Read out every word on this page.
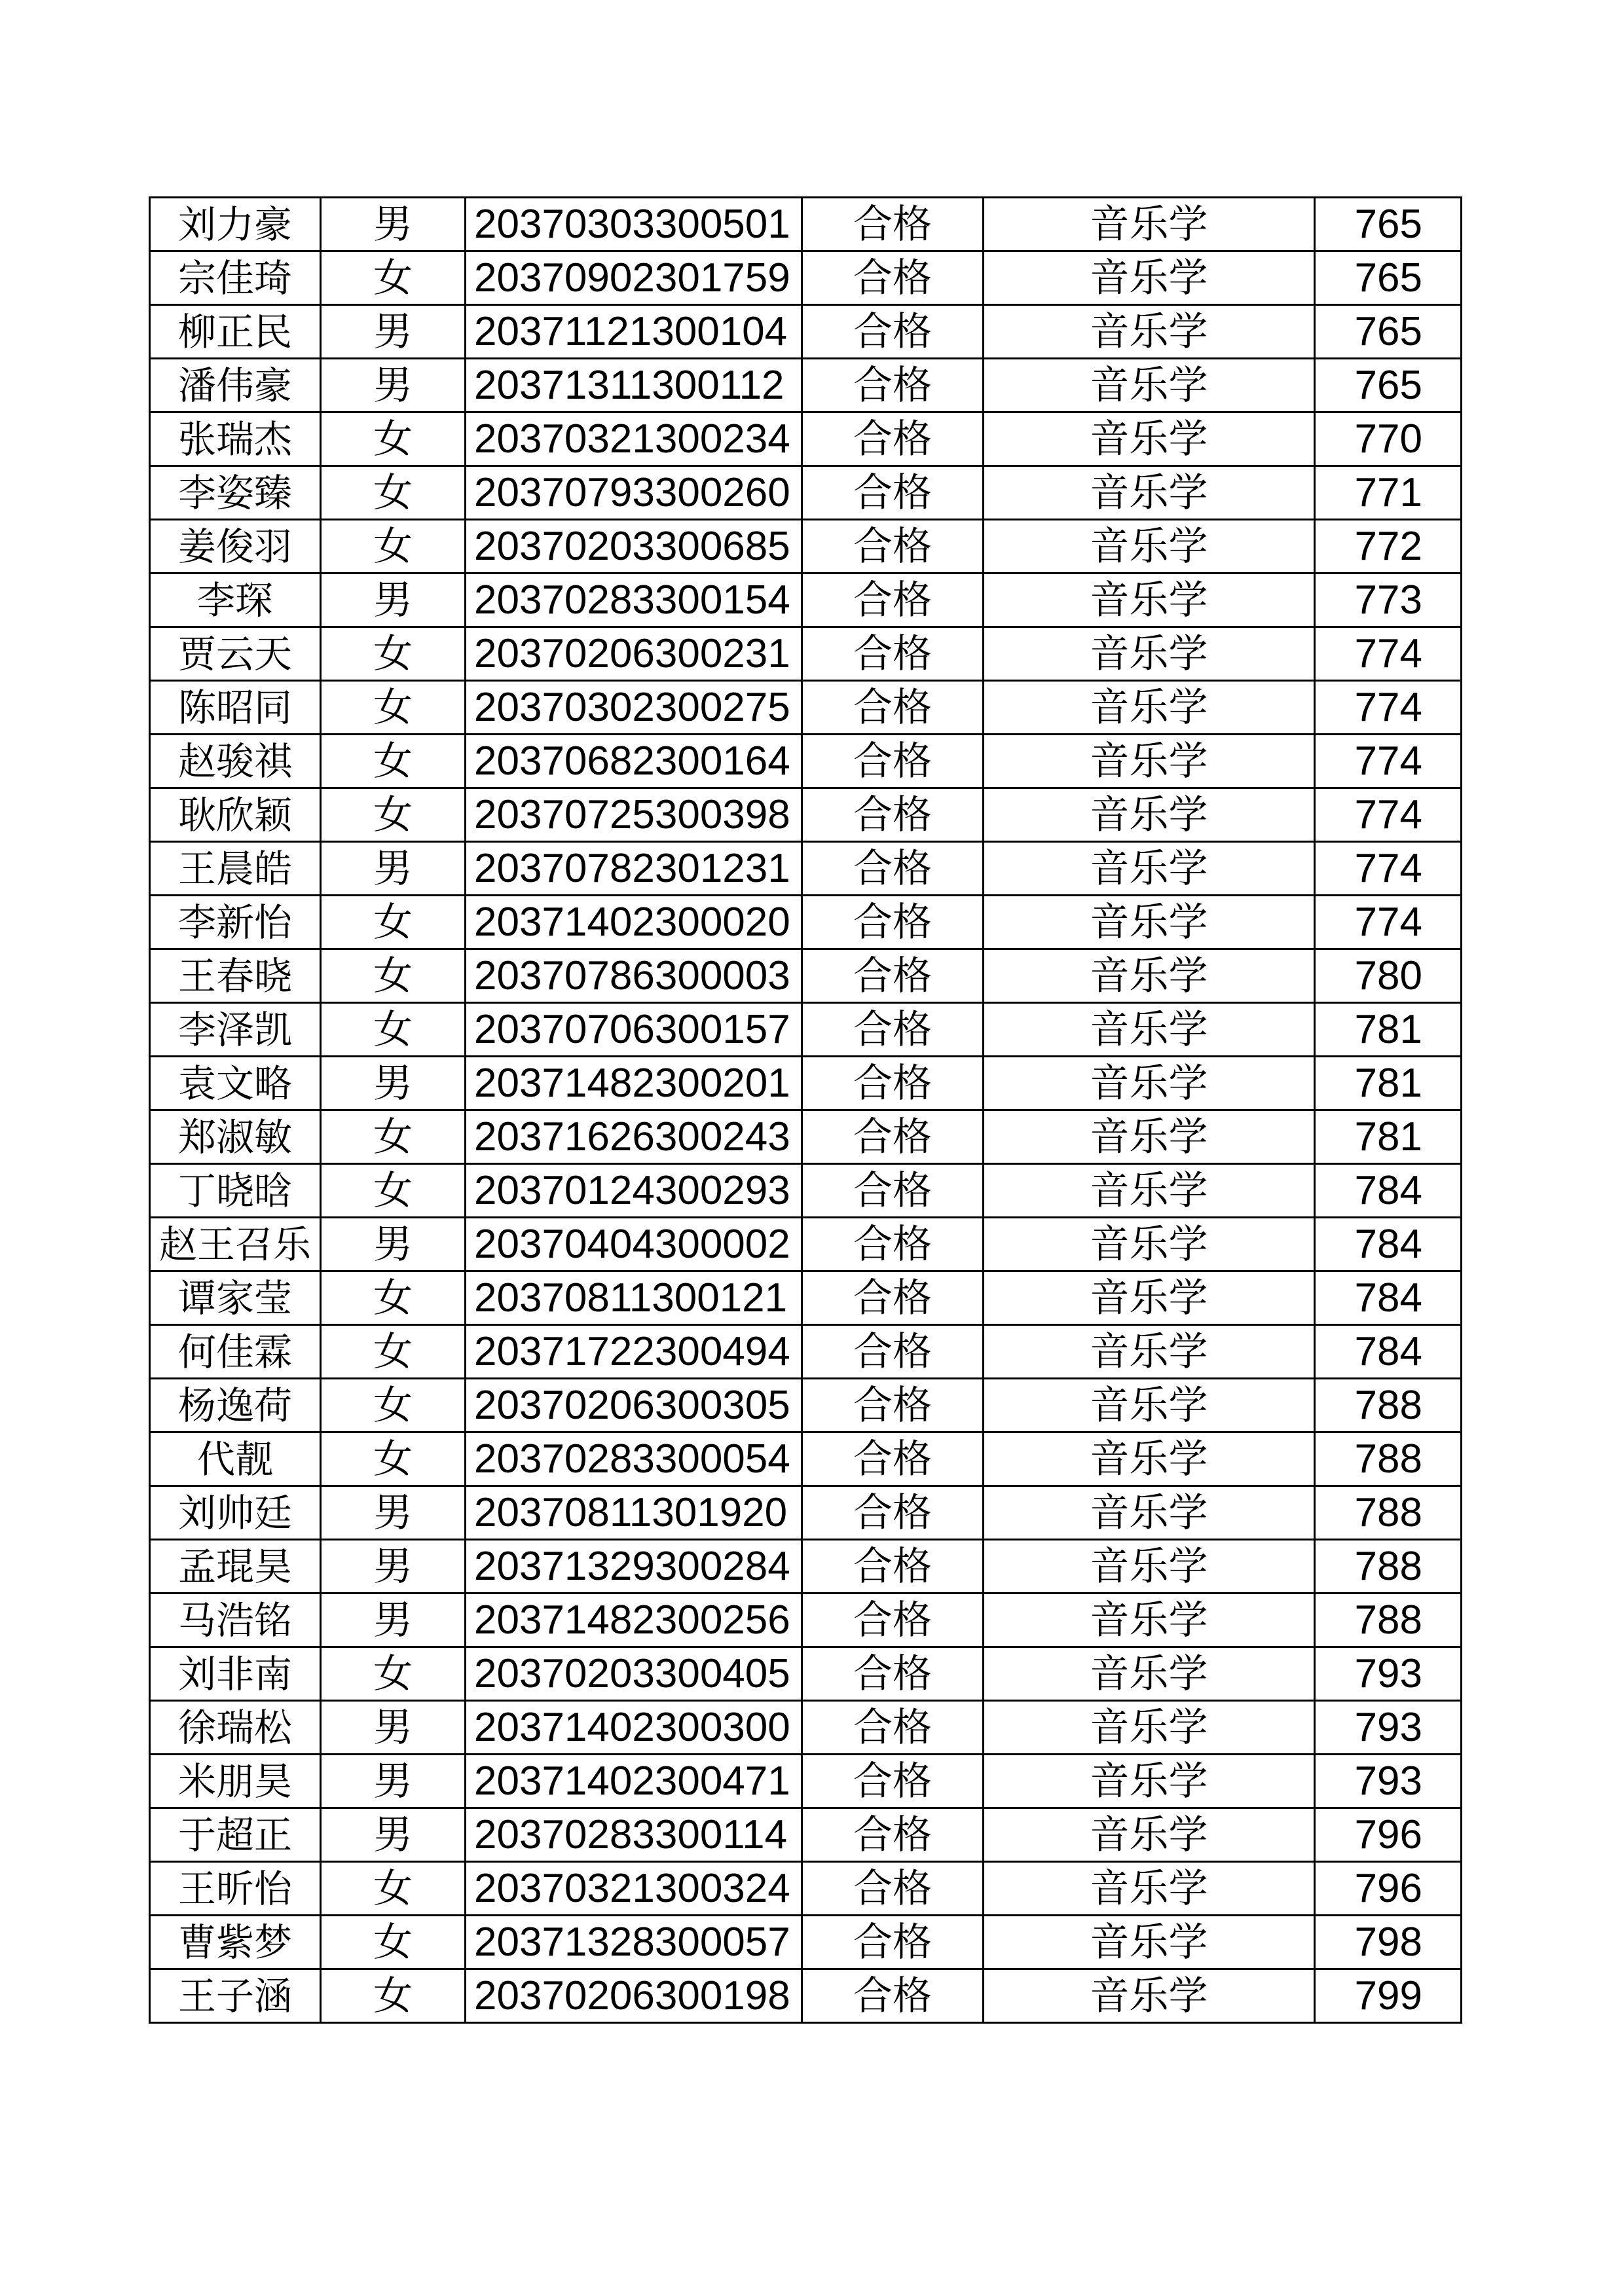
刘力豪	男	20370303300501	合格	音乐学	765
宗佳琦	女	20370902301759	合格	音乐学	765
柳正民	男	20371121300104	合格	音乐学	765
潘伟豪	男	20371311300112	合格	音乐学	765
张瑞杰	女	20370321300234	合格	音乐学	770
李姿臻	女	20370793300260	合格	音乐学	771
姜俊羽	女	20370203300685	合格	音乐学	772
李琛	男	20370283300154	合格	音乐学	773
贾云天	女	20370206300231	合格	音乐学	774
陈昭同	女	20370302300275	合格	音乐学	774
赵骏祺	女	20370682300164	合格	音乐学	774
耿欣颖	女	20370725300398	合格	音乐学	774
王晨皓	男	20370782301231	合格	音乐学	774
李新怡	女	20371402300020	合格	音乐学	774
王春晓	女	20370786300003	合格	音乐学	780
李泽凯	女	20370706300157	合格	音乐学	781
袁文略	男	20371482300201	合格	音乐学	781
郑淑敏	女	20371626300243	合格	音乐学	781
丁晓晗	女	20370124300293	合格	音乐学	784
赵王召乐	男	20370404300002	合格	音乐学	784
谭家莹	女	20370811300121	合格	音乐学	784
何佳霖	女	20371722300494	合格	音乐学	784
杨逸荷	女	20370206300305	合格	音乐学	788
代靓	女	20370283300054	合格	音乐学	788
刘帅廷	男	20370811301920	合格	音乐学	788
孟琨昊	男	20371329300284	合格	音乐学	788
马浩铭	男	20371482300256	合格	音乐学	788
刘非南	女	20370203300405	合格	音乐学	793
徐瑞松	男	20371402300300	合格	音乐学	793
米朋昊	男	20371402300471	合格	音乐学	793
于超正	男	20370283300114	合格	音乐学	796
王昕怡	女	20370321300324	合格	音乐学	796
曹紫梦	女	20371328300057	合格	音乐学	798
王子涵	女	20370206300198	合格	音乐学	799
